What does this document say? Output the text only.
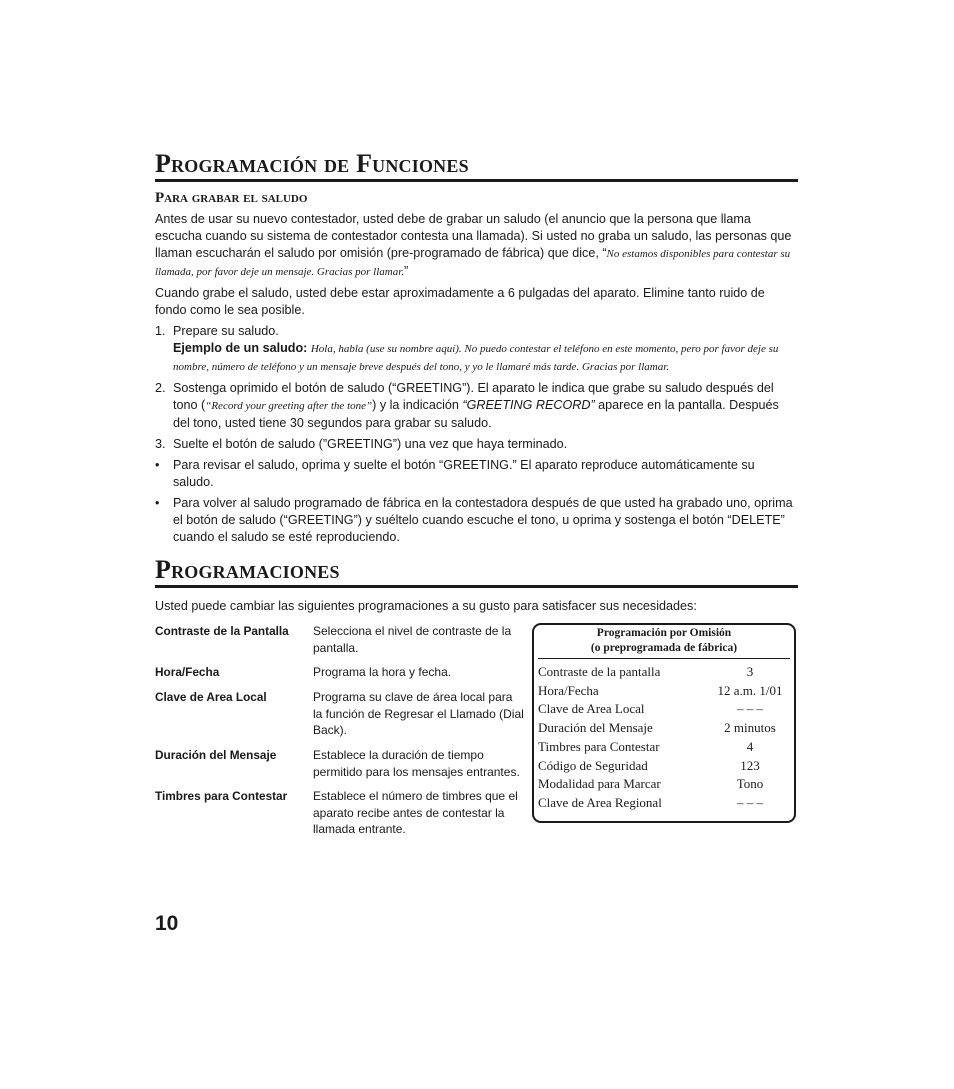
Programación de Funciones
Para grabar el saludo

Antes de usar su nuevo contestador, usted debe de grabar un saludo (el anuncio que la persona que llama escucha cuando su sistema de contestador contesta una llamada). Si usted no graba un saludo, las personas que llaman escucharán el saludo por omisión (pre-programado de fábrica) que dice, “No estamos disponibles para contestar su llamada, por favor deje un mensaje. Gracias por llamar.”

Cuando grabe el saludo, usted debe estar aproximadamente a 6 pulgadas del aparato. Elimine tanto ruido de fondo como le sea posible.

1. Prepare su saludo.
Ejemplo de un saludo: Hola, habla (use su nombre aquí). No puedo contestar el teléfono en este momento, pero por favor deje su nombre, número de teléfono y un mensaje breve después del tono, y yo le llamaré más tarde. Gracias por llamar.
2. Sostenga oprimido el botón de saludo (“GREETING”). El aparato le indica que grabe su saludo después del tono (“Record your greeting after the tone”) y la indicación “GREETING RECORD” aparece en la pantalla. Después del tono, usted tiene 30 segundos para grabar su saludo.
3. Suelte el botón de saludo (”GREETING”) una vez que haya terminado.
• Para revisar el saludo, oprima y suelte el botón “GREETING.” El aparato reproduce automáticamente su saludo.
• Para volver al saludo programado de fábrica en la contestadora después de que usted ha grabado uno, oprima el botón de saludo (“GREETING”) y suéltelo cuando escuche el tono, u oprima y sostenga el botón “DELETE” cuando el saludo se esté reproduciendo.
Programaciones

Usted puede cambiar las siguientes programaciones a su gusto para satisfacer sus necesidades:

Contraste de la Pantalla	Selecciona el nivel de contraste de la pantalla.
Hora/Fecha	Programa la hora y fecha.
Clave de Area Local	Programa su clave de área local para la función de Regresar el Llamado (Dial Back).
Duración del Mensaje	Establece la duración de tiempo permitido para los mensajes entrantes.
Timbres para Contestar	Establece el número de timbres que el aparato recibe antes de contestar la llamada entrante.
Programación por Omisión
(o preprogramada de fábrica)
Contraste de la pantalla	3
Hora/Fecha	12 a.m. 1/01
Clave de Area Local	– – –
Duración del Mensaje	2 minutos
Timbres para Contestar	4
Código de Seguridad	123
Modalidad para Marcar	Tono
Clave de Area Regional	– – –
10
